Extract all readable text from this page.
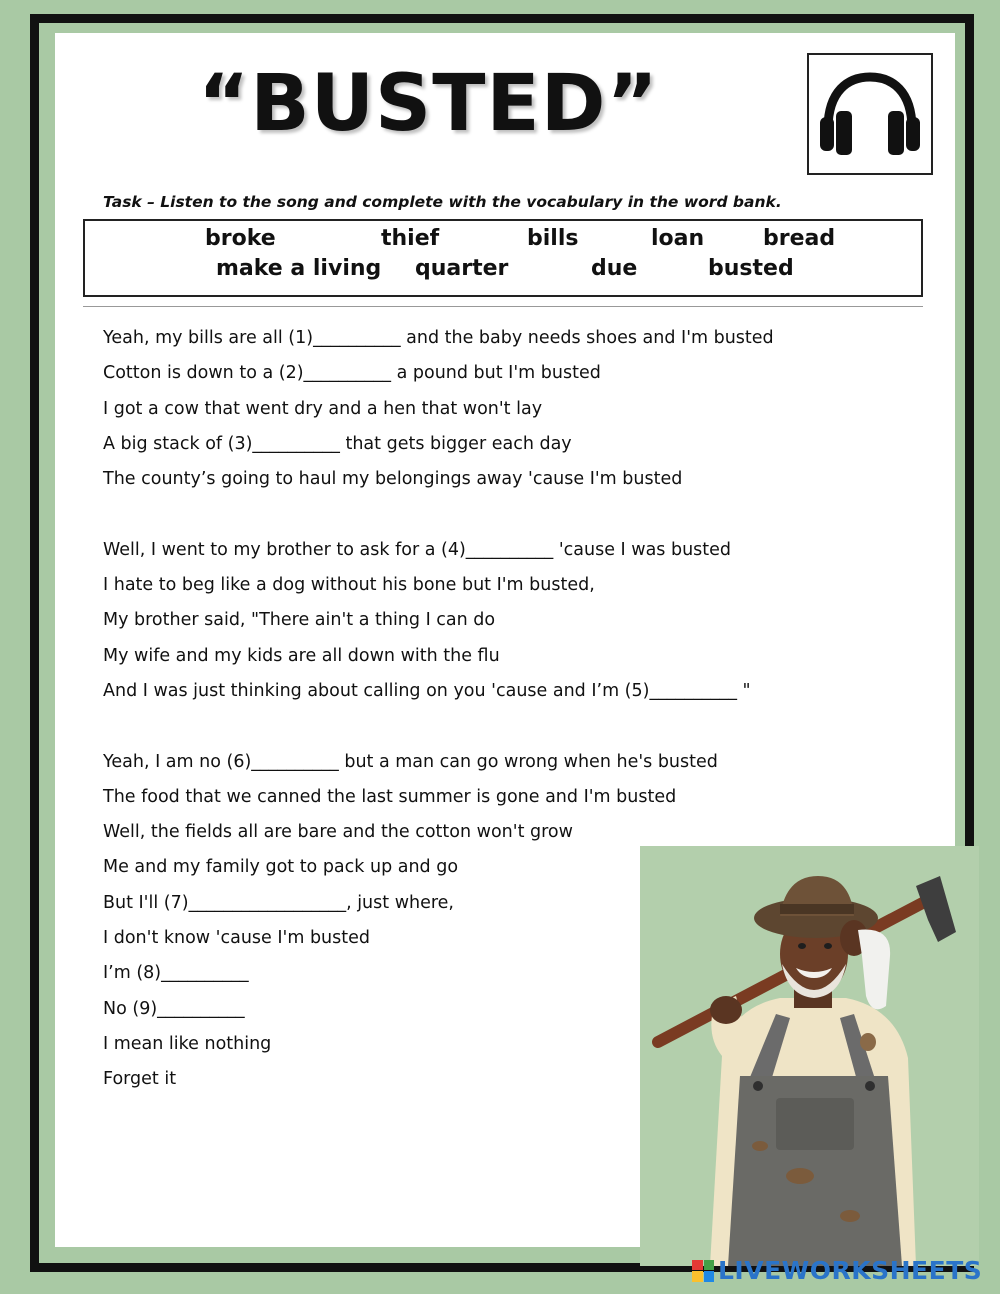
“BUSTED”
Task – Listen to the song and complete with the vocabulary in the word bank.
broke	thief	bills	loan	bread
make a living quarter	due	busted
Yeah, my bills are all (1)__________ and the baby needs shoes and I'm busted
Cotton is down to a (2)__________ a pound but I'm busted
I got a cow that went dry and a hen that won't lay
A big stack of (3)__________ that gets bigger each day
The county’s going to haul my belongings away 'cause I'm busted
Well, I went to my brother to ask for a (4)__________ 'cause I was busted
I hate to beg like a dog without his bone but I'm busted,
My brother said, "There ain't a thing I can do
My wife and my kids are all down with the flu
And I was just thinking about calling on you 'cause and I’m (5)__________ "
Yeah, I am no (6)__________ but a man can go wrong when he's busted
The food that we canned the last summer is gone and I'm busted
Well, the fields all are bare and the cotton won't grow
Me and my family got to pack up and go
But I'll (7)__________________, just where,
I don't know 'cause I'm busted
I’m (8)__________
No (9)__________
I mean like nothing
Forget it
LIVEWORKSHEETS
